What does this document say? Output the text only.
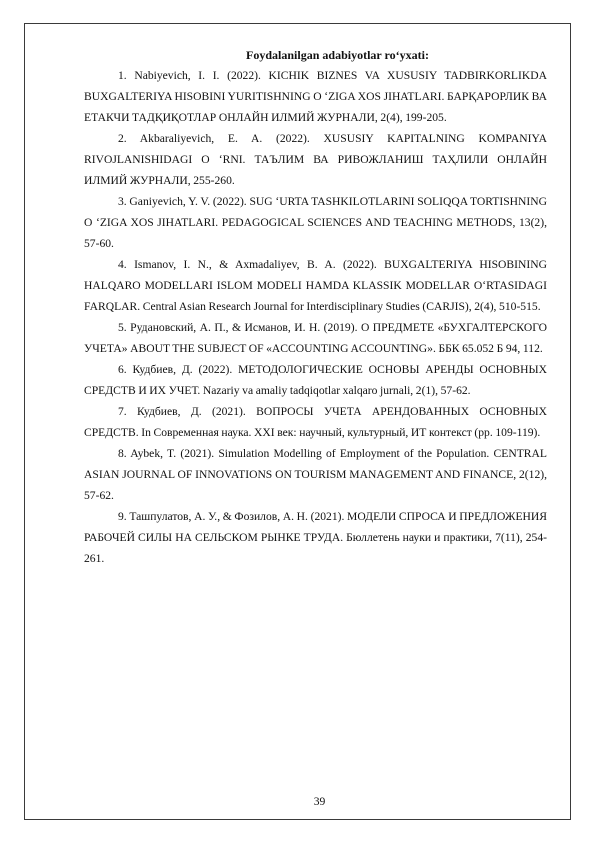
Foydalanilgan adabiyotlar ro‘yxati:

1. Nabiyevich, I. I. (2022). KICHIK BIZNES VA XUSUSIY TADBIRKORLIKDA BUXGALTERIYA HISOBINI YURITISHNING O ‘ZIGA XOS JIHATLARI. БАРҚАРОРЛИК ВА ЕТАКЧИ ТАДҚИҚОТЛАР ОНЛАЙН ИЛМИЙ ЖУРНАЛИ, 2(4), 199-205.

2. Akbaraliyevich, E. A. (2022). XUSUSIY KAPITALNING KOMPANIYA RIVOJLANISHIDAGI O ‘RNI. ТАЪЛИМ ВА РИВОЖЛАНИШ ТАҲЛИЛИ ОНЛАЙН ИЛМИЙ ЖУРНАЛИ, 255-260.

3. Ganiyevich, Y. V. (2022). SUG ‘URTA TASHKILOTLARINI SOLIQQA TORTISHNING O ‘ZIGA XOS JIHATLARI. PEDAGOGICAL SCIENCES AND TEACHING METHODS, 13(2), 57-60.

4. Ismanov, I. N., & Axmadaliyev, B. A. (2022). BUXGALTERIYA HISOBINING HALQARO MODELLARI ISLOM MODELI HAMDA KLASSIK MODELLAR O‘RTASIDAGI FARQLAR. Central Asian Research Journal for Interdisciplinary Studies (CARJIS), 2(4), 510-515.

5. Рудановский, А. П., & Исманов, И. Н. (2019). О ПРЕДМЕТЕ «БУХГАЛТЕРСКОГО УЧЕТА» ABOUT THE SUBJECT OF «ACCOUNTING ACCOUNTING». ББК 65.052 Б 94, 112.

6. Кудбиев, Д. (2022). МЕТОДОЛОГИЧЕСКИЕ ОСНОВЫ АРЕНДЫ ОСНОВНЫХ СРЕДСТВ И ИХ УЧЕТ. Nazariy va amaliy tadqiqotlar xalqaro jurnali, 2(1), 57-62.

7. Кудбиев, Д. (2021). ВОПРОСЫ УЧЕТА АРЕНДОВАННЫХ ОСНОВНЫХ СРЕДСТВ. In Современная наука. XXI век: научный, культурный, ИТ контекст (pp. 109-119).

8. Aybek, T. (2021). Simulation Modelling of Employment of the Population. CENTRAL ASIAN JOURNAL OF INNOVATIONS ON TOURISM MANAGEMENT AND FINANCE, 2(12), 57-62.

9. Ташпулатов, А. У., & Фозилов, А. Н. (2021). МОДЕЛИ СПРОСА И ПРЕДЛОЖЕНИЯ РАБОЧЕЙ СИЛЫ НА СЕЛЬСКОМ РЫНКЕ ТРУДА. Бюллетень науки и практики, 7(11), 254-261.

39
